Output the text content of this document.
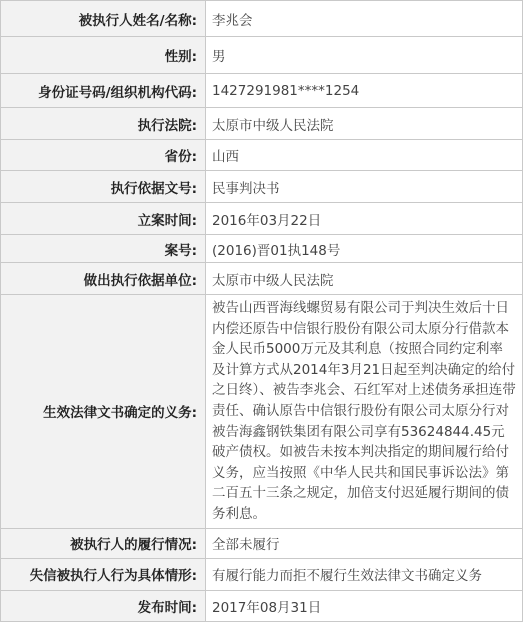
被执行人姓名/名称:	李兆会
性别:	男
身份证号码/组织机构代码:	1427291981****1254
执行法院:	太原市中级人民法院
省份:	山西
执行依据文号:	民事判决书
立案时间:	2016年03月22日
案号:	(2016)晋01执148号
做出执行依据单位:	太原市中级人民法院
生效法律文书确定的义务:	被告山西晋海线螺贸易有限公司于判决生效后十日内偿还原告中信银行股份有限公司太原分行借款本金人民币5000万元及其利息（按照合同约定利率及计算方式从2014年3月21日起至判决确定的给付之日终）、被告李兆会、石红军对上述债务承担连带责任、确认原告中信银行股份有限公司太原分行对被告海鑫钢铁集团有限公司享有53624844.45元破产债权。如被告未按本判决指定的期间履行给付义务，应当按照《中华人民共和国民事诉讼法》第二百五十三条之规定，加倍支付迟延履行期间的债务利息。
被执行人的履行情况:	全部未履行
失信被执行人行为具体情形:	有履行能力而拒不履行生效法律文书确定义务
发布时间:	2017年08月31日
